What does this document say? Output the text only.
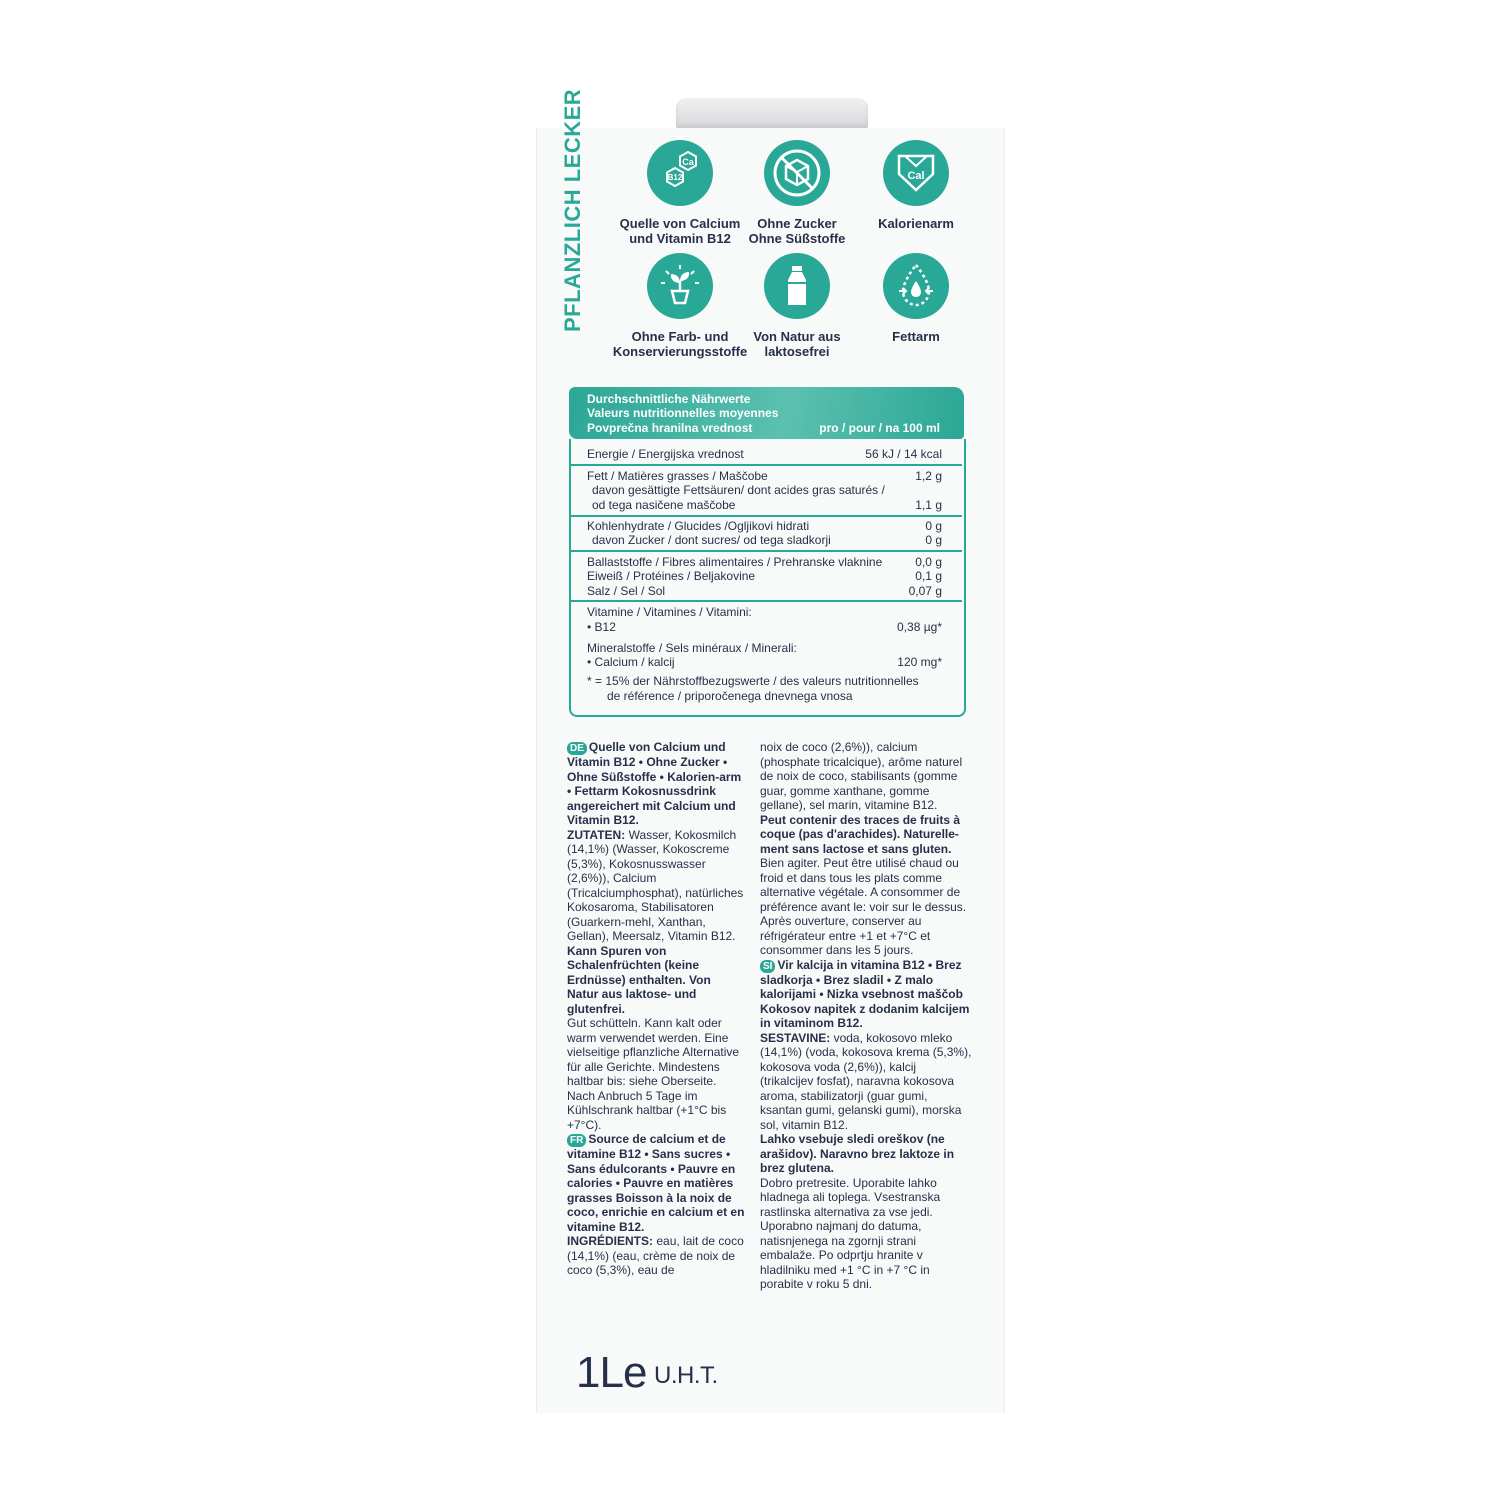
PFLANZLICH LECKER	Ca
B12
Quelle von Calcium
und Vitamin B12
Ohne Zucker
Ohne Süßstoffe
Cal
Kalorienarm
Ohne Farb- und
Konservierungsstoffe
Von Natur aus
laktosefrei
Fettarm
Durchschnittliche Nährwerte
Valeurs nutritionnelles moyennes
Povprečna hranilna vrednost	pro / pour / na 100 ml
Energie / Energijska vrednost	56 kJ / 14 kcal
Fett / Matières grasses / Maščobe	1,2 g
davon gesättigte Fettsäuren/ dont acides gras saturés /
od tega nasičene maščobe	1,1 g
Kohlenhydrate / Glucides /Ogljikovi hidrati	0 g
davon Zucker / dont sucres/ od tega sladkorji	0 g
Ballaststoffe / Fibres alimentaires / Prehranske vlaknine	0,0 g
Eiweiß / Protéines / Beljakovine	0,1 g
Salz / Sel / Sol	0,07 g
Vitamine / Vitamines / Vitamini:
• B12	0,38 µg*
Mineralstoffe / Sels minéraux / Minerali:
• Calcium / kalcij	120 mg*
* = 15% der Nährstoffbezugswerte / des valeurs nutritionnelles
de référence / priporočenega dnevnega vnosa
DE Quelle von Calcium und Vitamin B12 • Ohne Zucker • Ohne Süßstoffe • Kalorien-arm • Fettarm Kokosnussdrink angereichert mit Calcium und Vitamin B12.
ZUTATEN: Wasser, Kokosmilch (14,1%) (Wasser, Kokoscreme (5,3%), Kokosnusswasser (2,6%)), Calcium (Tricalciumphosphat), natürliches Kokosaroma, Stabilisatoren (Guarkern-mehl, Xanthan, Gellan), Meersalz, Vitamin B12.
Kann Spuren von Schalenfrüchten (keine Erdnüsse) enthalten. Von Natur aus laktose- und glutenfrei.
Gut schütteln. Kann kalt oder warm verwendet werden. Eine vielseitige pflanzliche Alternative für alle Gerichte. Mindestens haltbar bis: siehe Oberseite. Nach Anbruch 5 Tage im Kühlschrank haltbar (+1°C bis +7°C).
FR Source de calcium et de vitamine B12 • Sans sucres • Sans édulcorants • Pauvre en calories • Pauvre en matières grasses Boisson à la noix de coco, enrichie en calcium et en vitamine B12.
INGRÉDIENTS: eau, lait de coco (14,1%) (eau, crème de noix de coco (5,3%), eau de
noix de coco (2,6%)), calcium (phosphate tricalcique), arôme naturel de noix de coco, stabilisants (gomme guar, gomme xanthane, gomme gellane), sel marin, vitamine B12.
Peut contenir des traces de fruits à coque (pas d'arachides). Naturelle-ment sans lactose et sans gluten.
Bien agiter. Peut être utilisé chaud ou froid et dans tous les plats comme alternative végétale. A consommer de préférence avant le: voir sur le dessus. Après ouverture, conserver au réfrigérateur entre +1 et +7°C et consommer dans les 5 jours.
SI Vir kalcija in vitamina B12 • Brez sladkorja • Brez sladil • Z malo kalorijami • Nizka vsebnost maščob Kokosov napitek z dodanim kalcijem in vitaminom B12.
SESTAVINE: voda, kokosovo mleko (14,1%) (voda, kokosova krema (5,3%), kokosova voda (2,6%)), kalcij (trikalcijev fosfat), naravna kokosova aroma, stabilizatorji (guar gumi, ksantan gumi, gelanski gumi), morska sol, vitamin B12.
Lahko vsebuje sledi oreškov (ne arašidov). Naravno brez laktoze in brez glutena.
Dobro pretresite. Uporabite lahko hladnega ali toplega. Vsestranska rastlinska alternativa za vse jedi. Uporabno najmanj do datuma, natisnjenega na zgornji strani embalaže. Po odprtju hranite v hladilniku med +1 °C in +7 °C in porabite v roku 5 dni.
1Le U.H.T.
